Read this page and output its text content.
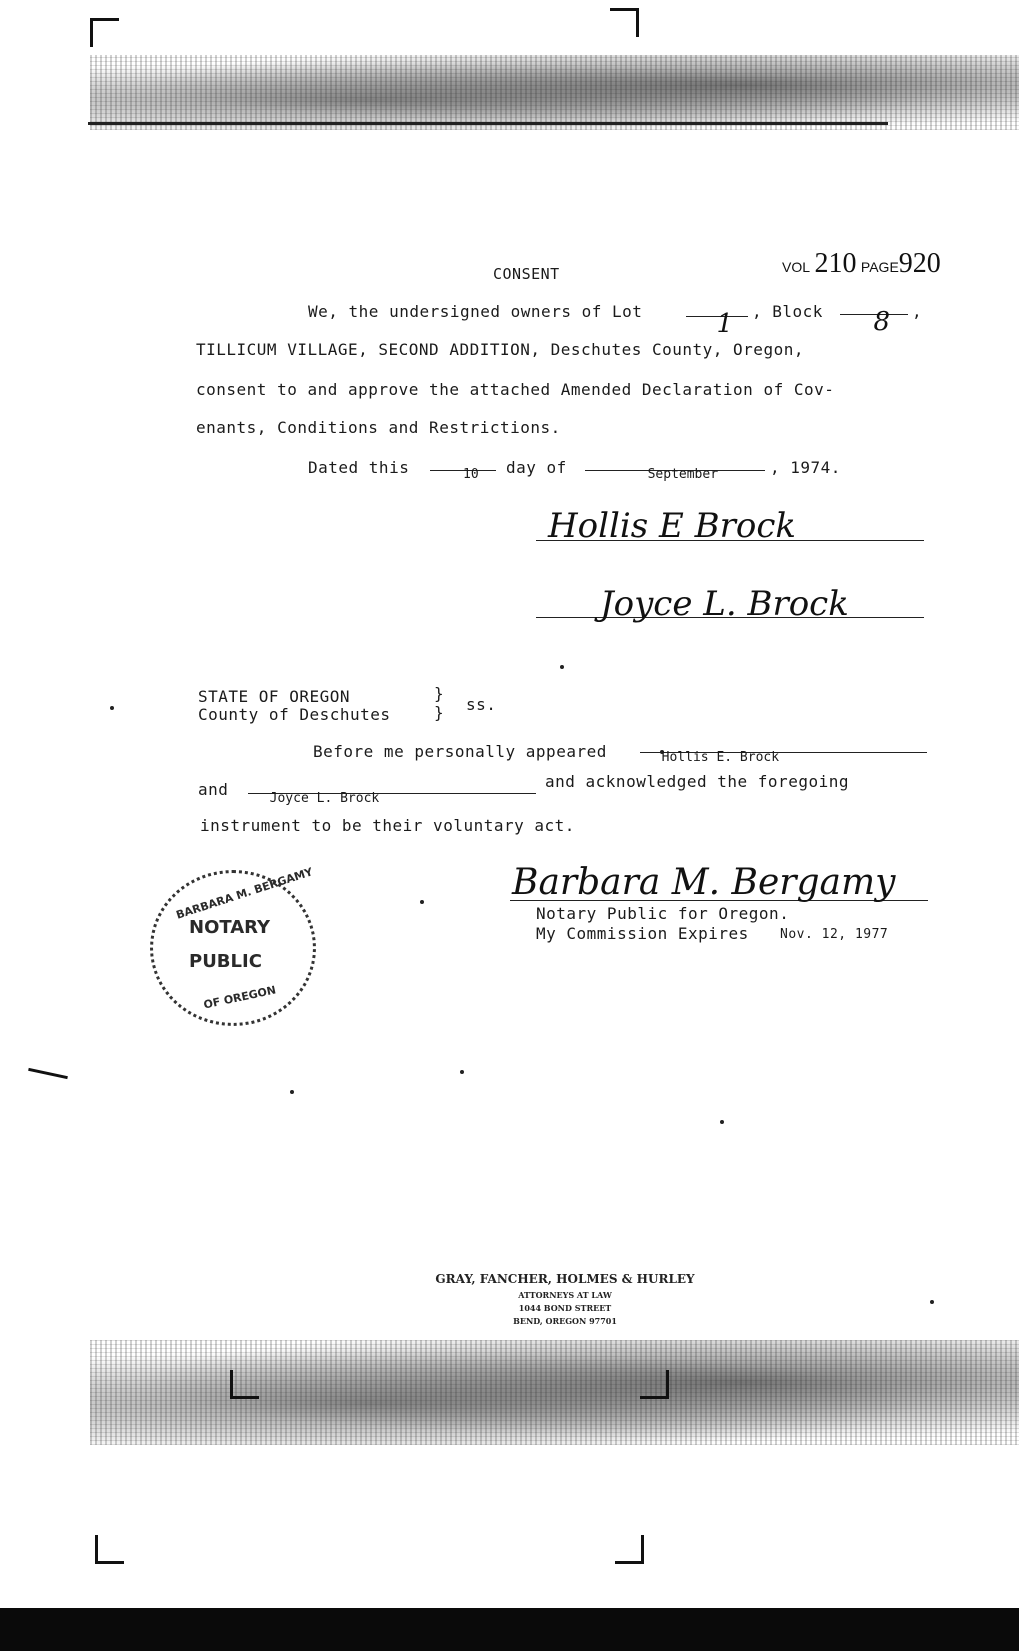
CONSENT	VOL 210 PAGE920
We, the undersigned owners of Lot	1	, Block	8	,
TILLICUM VILLAGE, SECOND ADDITION, Deschutes County, Oregon,
consent to and approve the attached Amended Declaration of Cov-
enants, Conditions and Restrictions.
Dated this	10	day of	September	, 1974.
Hollis E Brock
Joyce L. Brock
STATE OF OREGON
County of Deschutes
}
} ss.
Before me personally appeared	Hollis E. Brock

and	Joyce L. Brock

and acknowledged the foregoing
instrument to be their voluntary act.
BARBARA M. BERGAMY
NOTARY
PUBLIC
OF OREGON
Barbara M. Bergamy
Notary Public for Oregon.
My Commission Expires Nov. 12, 1977
GRAY, FANCHER, HOLMES & HURLEY
ATTORNEYS AT LAW
1044 BOND STREET
BEND, OREGON 97701
